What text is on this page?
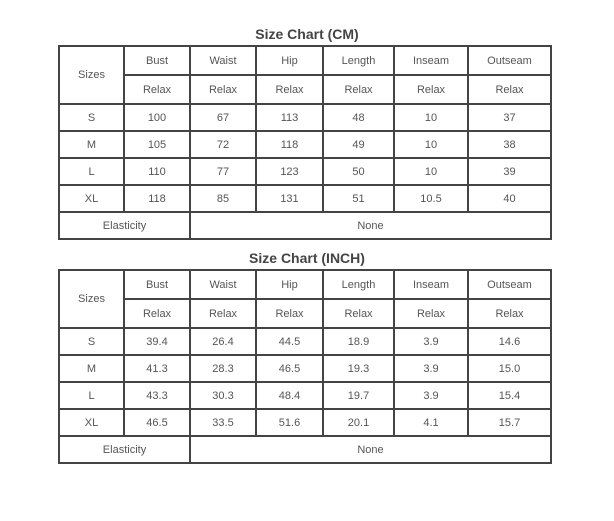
Size Chart (CM)
Sizes	Bust	Waist	Hip	Length	Inseam	Outseam
	Relax	Relax	Relax	Relax	Relax	Relax
S	100	67	113	48	10	37
M	105	72	118	49	10	38
L	110	77	123	50	10	39
XL	118	85	131	51	10.5	40
Elasticity		None				
Size Chart (INCH)
Sizes	Bust	Waist	Hip	Length	Inseam	Outseam
	Relax	Relax	Relax	Relax	Relax	Relax
S	39.4	26.4	44.5	18.9	3.9	14.6
M	41.3	28.3	46.5	19.3	3.9	15.0
L	43.3	30.3	48.4	19.7	3.9	15.4
XL	46.5	33.5	51.6	20.1	4.1	15.7
Elasticity		None				
